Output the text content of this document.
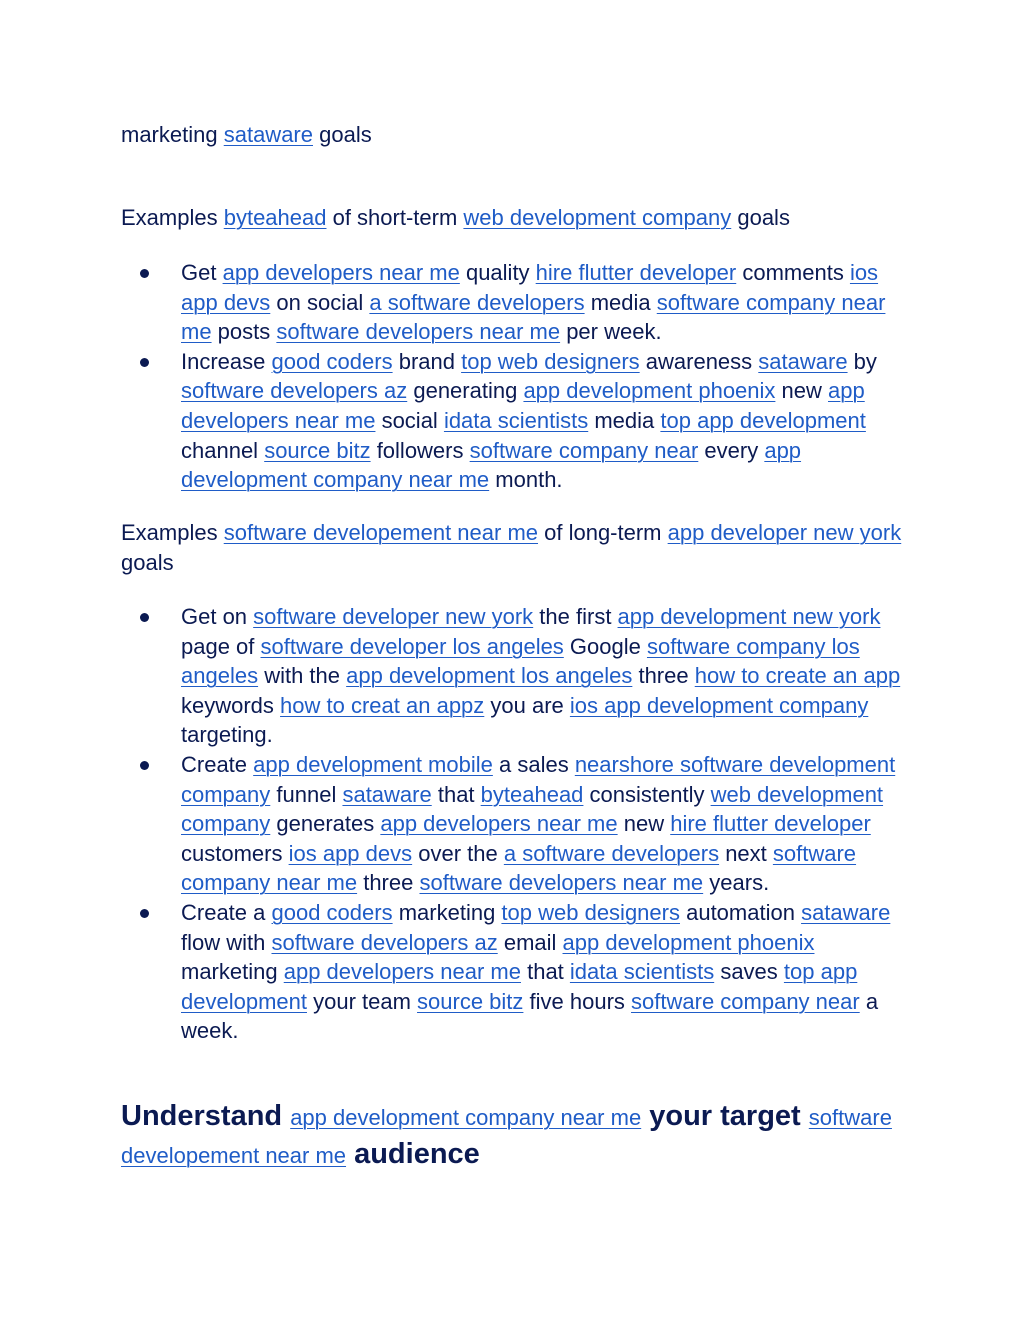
marketing sataware goals

Examples byteahead of short-term web development company goals

Get app developers near me quality hire flutter developer comments ios app devs on social a software developers media software company near me posts software developers near me per week.
Increase good coders brand top web designers awareness sataware by software developers az generating app development phoenix new app developers near me social idata scientists media top app development channel source bitz followers software company near every app development company near me month.

Examples software developement near me of long-term app developer new york goals

Get on software developer new york the first app development new york page of software developer los angeles Google software company los angeles with the app development los angeles three how to create an app keywords how to creat an appz you are ios app development company targeting.
Create app development mobile a sales nearshore software development company funnel sataware that byteahead consistently web development company generates app developers near me new hire flutter developer customers ios app devs over the a software developers next software company near me three software developers near me years.
Create a good coders marketing top web designers automation sataware flow with software developers az email app development phoenix marketing app developers near me that idata scientists saves top app development your team source bitz five hours software company near a week.
Understand app development company near me your target software developement near me audience
